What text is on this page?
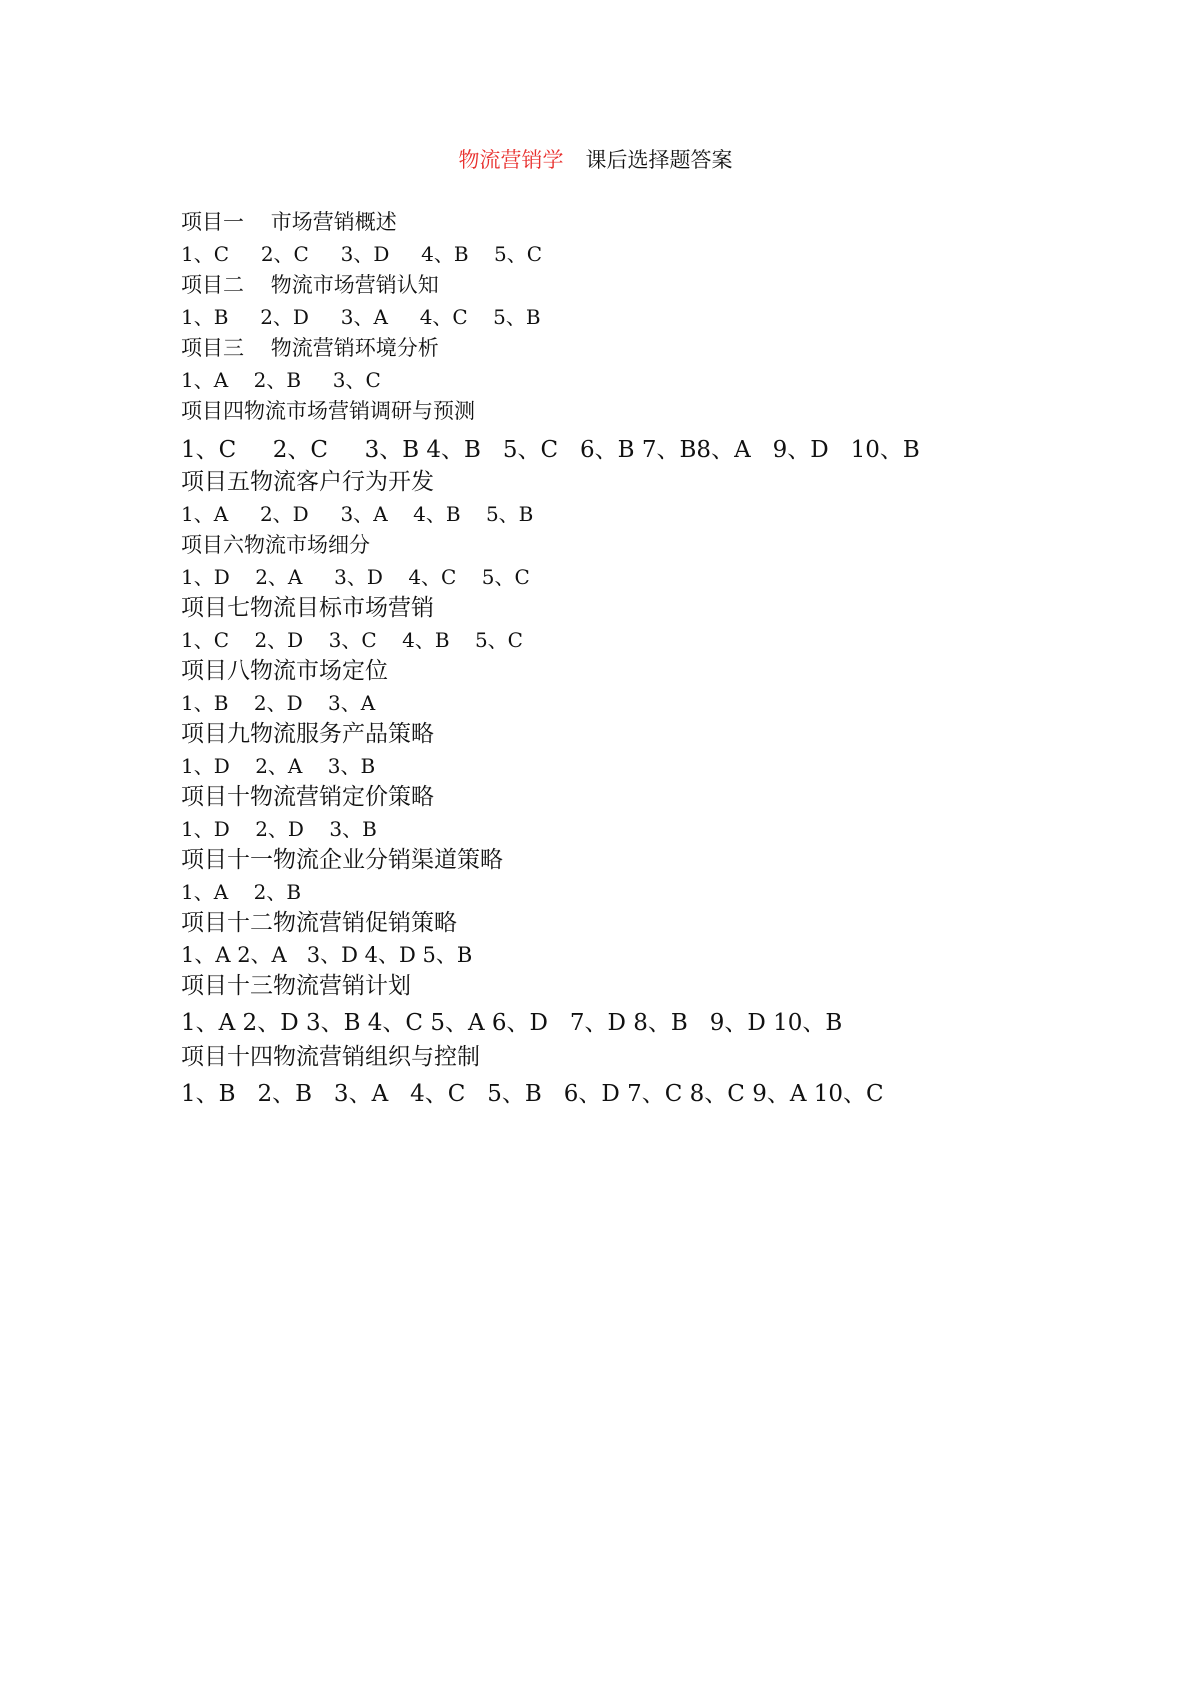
物流营销学 课后选择题答案
项目一    市场营销概述
1、C     2、C     3、D     4、B    5、C
项目二    物流市场营销认知
1、B     2、D     3、A     4、C    5、B
项目三    物流营销环境分析
1、A    2、B     3、C
项目四物流市场营销调研与预测
1、C     2、C     3、B 4、B   5、C   6、B 7、B8、A   9、D   10、B
项目五物流客户行为开发
1、A     2、D     3、A    4、B    5、B
项目六物流市场细分
1、D    2、A     3、D    4、C    5、C
项目七物流目标市场营销
1、C    2、D    3、C    4、B    5、C
项目八物流市场定位
1、B    2、D    3、A
项目九物流服务产品策略
1、D    2、A    3、B
项目十物流营销定价策略
1、D    2、D    3、B
项目十一物流企业分销渠道策略
1、A    2、B
项目十二物流营销促销策略
1、A 2、A   3、D 4、D 5、B
项目十三物流营销计划
1、A 2、D 3、B 4、C 5、A 6、D   7、D 8、B   9、D 10、B
项目十四物流营销组织与控制
1、B   2、B   3、A   4、C   5、B   6、D 7、C 8、C 9、A 10、C
